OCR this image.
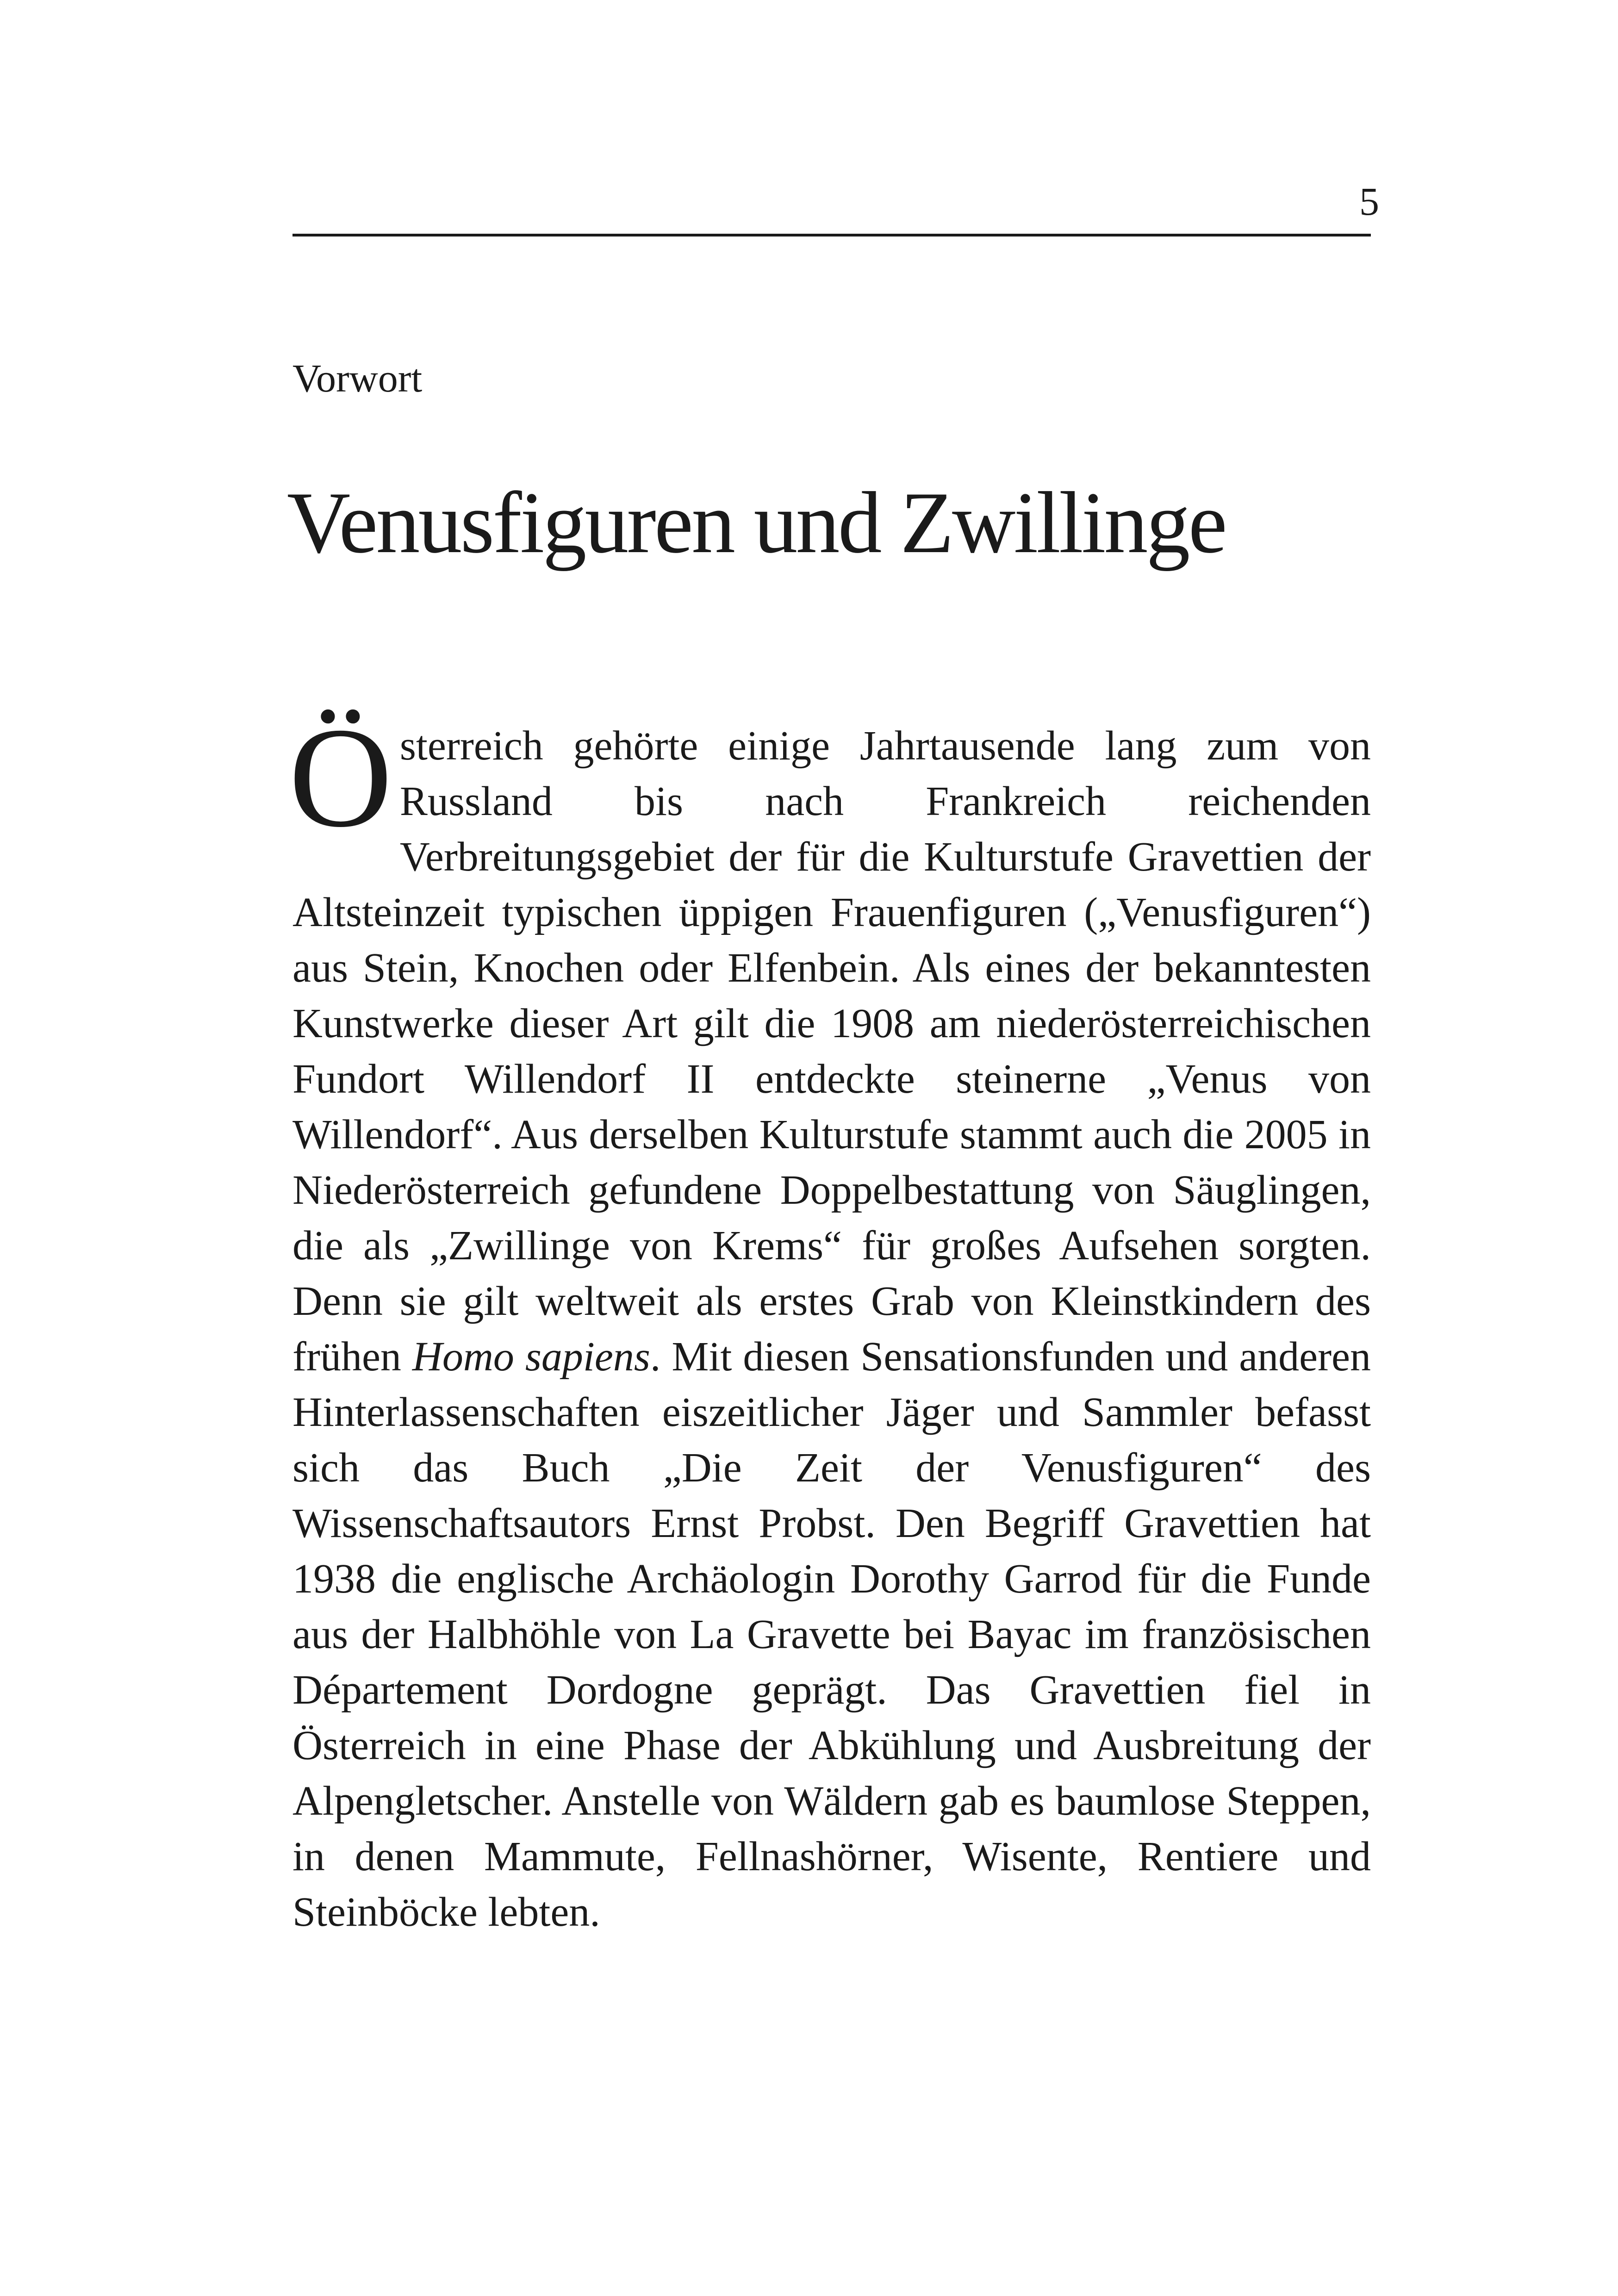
5
Vorwort
Venusfiguren und Zwillinge
Österreich gehörte einige Jahrtausende lang zum von Russland bis nach Frankreich reichenden Verbreitungsgebiet der für die Kulturstufe Gravettien der Altsteinzeit typischen üppigen Frauenfiguren („Venusfiguren“) aus Stein, Knochen oder Elfenbein. Als eines der bekanntesten Kunstwerke dieser Art gilt die 1908 am niederösterreichischen Fundort Willendorf II entdeckte steinerne „Venus von Willendorf“. Aus derselben Kulturstufe stammt auch die 2005 in Niederösterreich gefundene Doppelbestattung von Säuglingen, die als „Zwillinge von Krems“ für großes Aufsehen sorgten. Denn sie gilt weltweit als erstes Grab von Kleinstkindern des frühen Homo sapiens. Mit diesen Sensationsfunden und anderen Hinterlassenschaften eiszeitlicher Jäger und Sammler befasst sich das Buch „Die Zeit der Venusfiguren“ des Wissenschaftsautors Ernst Probst. Den Begriff Gravettien hat 1938 die englische Archäologin Dorothy Garrod für die Funde aus der Halbhöhle von La Gravette bei Bayac im französischen Département Dordogne geprägt. Das Gravettien fiel in Österreich in eine Phase der Abkühlung und Ausbreitung der Alpengletscher. Anstelle von Wäldern gab es baumlose Steppen, in denen Mammute, Fellnashörner, Wisente, Rentiere und Steinböcke lebten.
